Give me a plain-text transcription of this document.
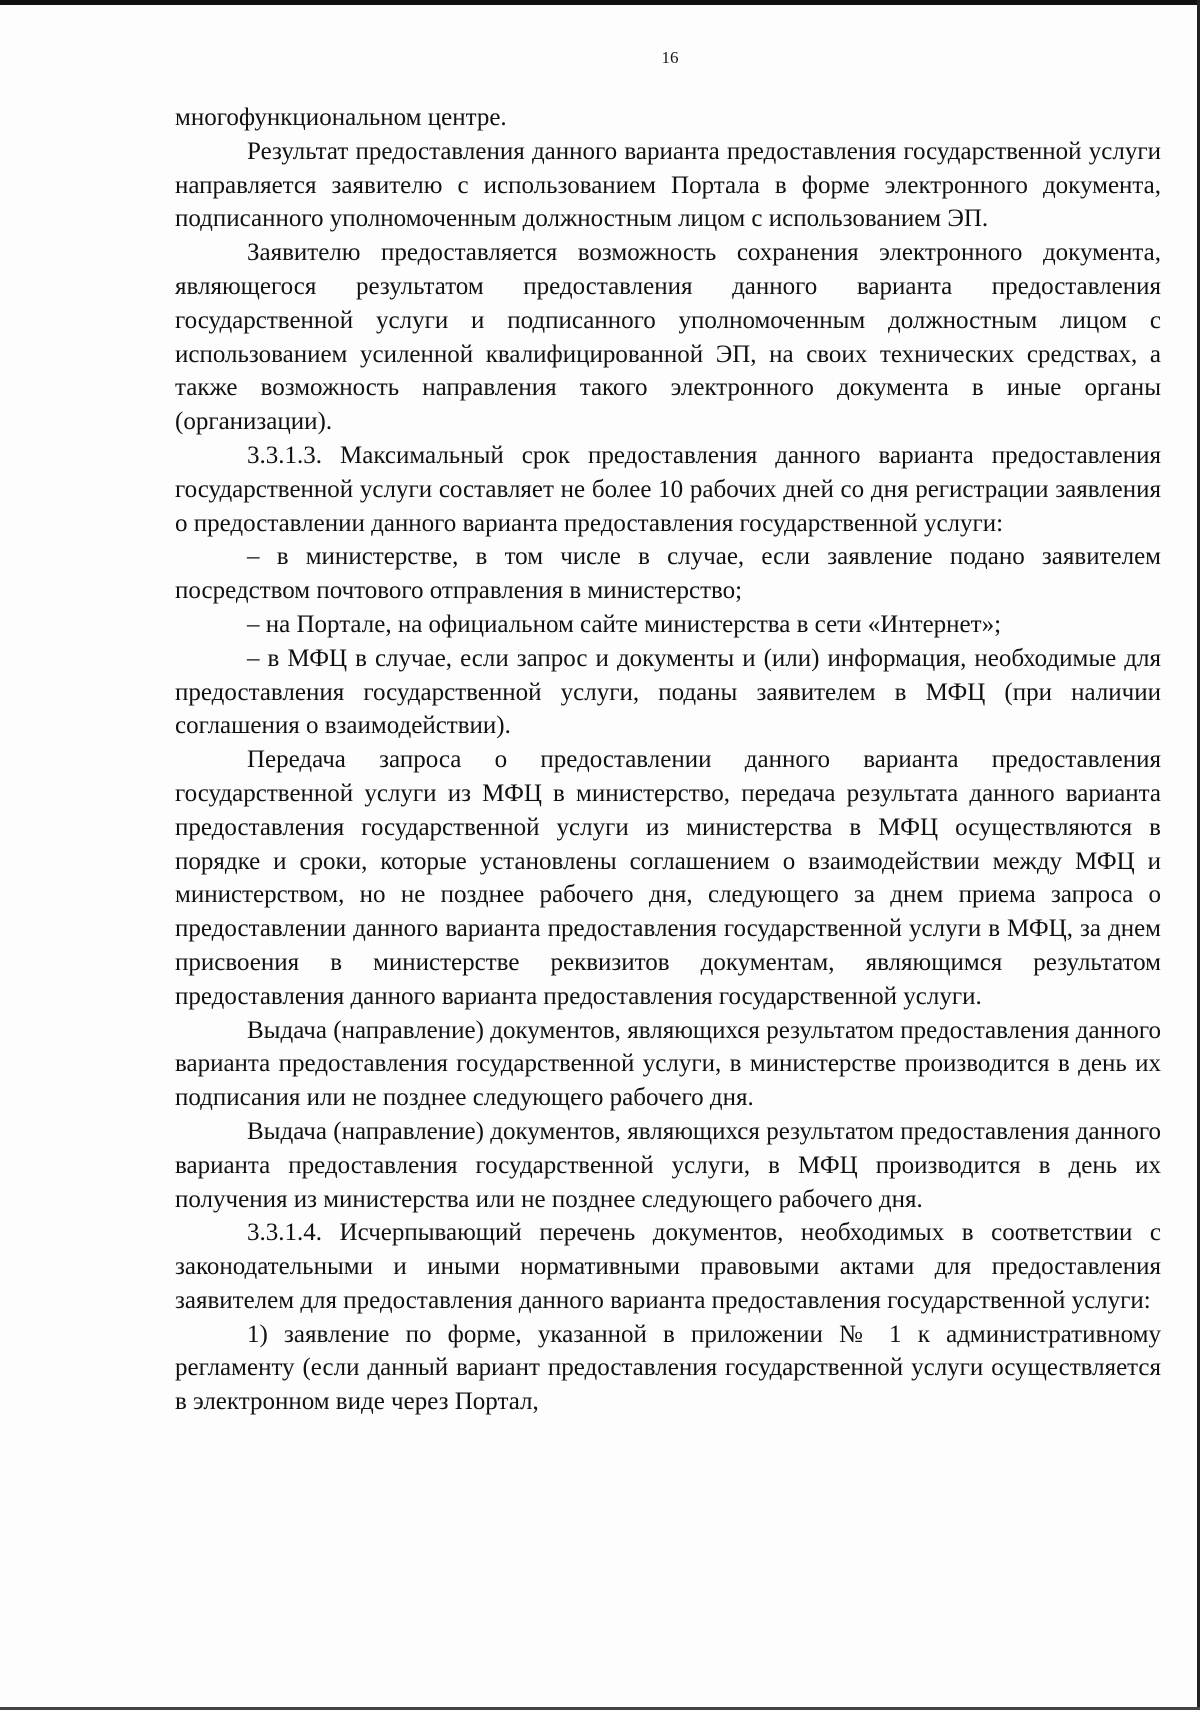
16

многофункциональном центре.

Результат предоставления данного варианта предоставления государственной услуги направляется заявителю с использованием Портала в форме электронного документа, подписанного уполномоченным должностным лицом с использованием ЭП.

Заявителю предоставляется возможность сохранения электронного документа, являющегося результатом предоставления данного варианта предоставления государственной услуги и подписанного уполномоченным должностным лицом с использованием усиленной квалифицированной ЭП, на своих технических средствах, а также возможность направления такого электронного документа в иные органы (организации).

3.3.1.3. Максимальный срок предоставления данного варианта предоставления государственной услуги составляет не более 10 рабочих дней со дня регистрации заявления о предоставлении данного варианта предоставления государственной услуги:

– в министерстве, в том числе в случае, если заявление подано заявителем посредством почтового отправления в министерство;

– на Портале, на официальном сайте министерства в сети «Интернет»;

– в МФЦ в случае, если запрос и документы и (или) информация, необходимые для предоставления государственной услуги, поданы заявителем в МФЦ (при наличии соглашения о взаимодействии).

Передача запроса о предоставлении данного варианта предоставления государственной услуги из МФЦ в министерство, передача результата данного варианта предоставления государственной услуги из министерства в МФЦ осуществляются в порядке и сроки, которые установлены соглашением о взаимодействии между МФЦ и министерством, но не позднее рабочего дня, следующего за днем приема запроса о предоставлении данного варианта предоставления государственной услуги в МФЦ, за днем присвоения в министерстве реквизитов документам, являющимся результатом предоставления данного варианта предоставления государственной услуги.

Выдача (направление) документов, являющихся результатом предоставления данного варианта предоставления государственной услуги, в министерстве производится в день их подписания или не позднее следующего рабочего дня.

Выдача (направление) документов, являющихся результатом предоставления данного варианта предоставления государственной услуги, в МФЦ производится в день их получения из министерства или не позднее следующего рабочего дня.

3.3.1.4. Исчерпывающий перечень документов, необходимых в соответствии с законодательными и иными нормативными правовыми актами для предоставления заявителем для предоставления данного варианта предоставления государственной услуги:

1) заявление по форме, указанной в приложении № 1 к административному регламенту (если данный вариант предоставления государственной услуги осуществляется в электронном виде через Портал,
